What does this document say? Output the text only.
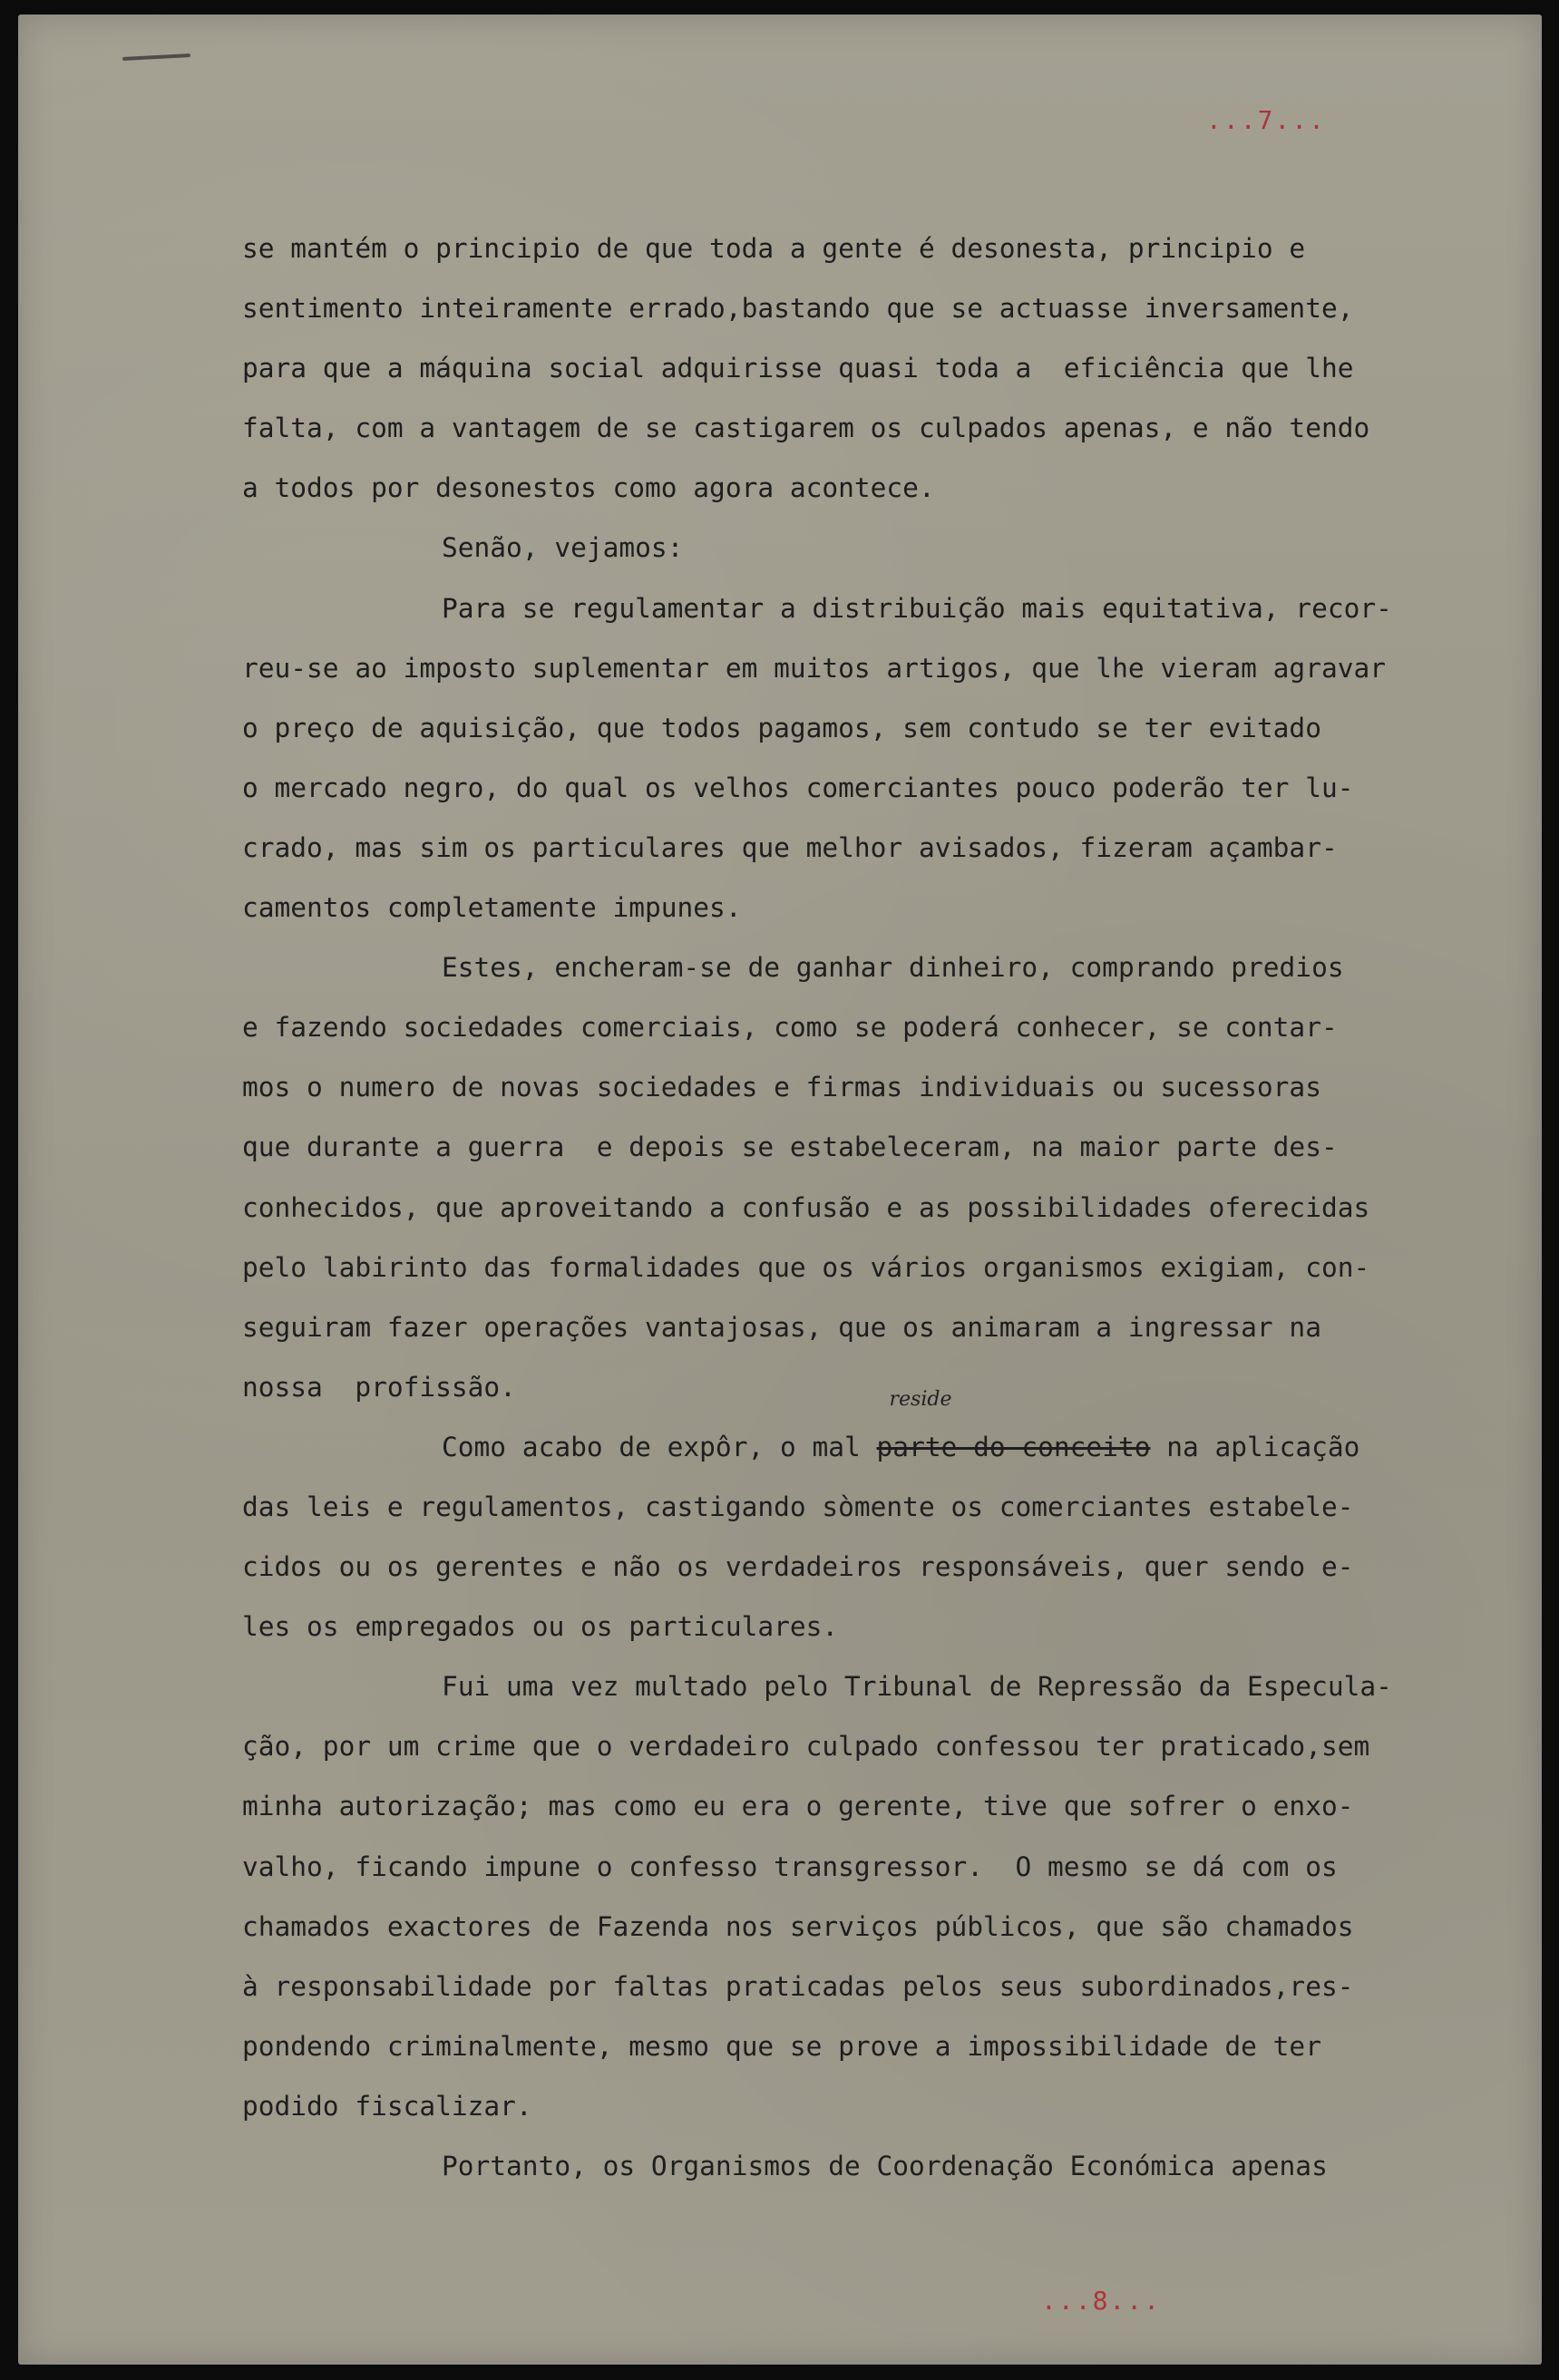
...7...
se mantém o principio de que toda a gente é desonesta, principio e
sentimento inteiramente errado,bastando que se actuasse inversamente,
para que a máquina social adquirisse quasi toda a  eficiência que lhe
falta, com a vantagem de se castigarem os culpados apenas, e não tendo
a todos por desonestos como agora acontece.
Senão, vejamos:
Para se regulamentar a distribuição mais equitativa, recor-
reu-se ao imposto suplementar em muitos artigos, que lhe vieram agravar
o preço de aquisição, que todos pagamos, sem contudo se ter evitado
o mercado negro, do qual os velhos comerciantes pouco poderão ter lu-
crado, mas sim os particulares que melhor avisados, fizeram açambar-
camentos completamente impunes.
Estes, encheram-se de ganhar dinheiro, comprando predios
e fazendo sociedades comerciais, como se poderá conhecer, se contar-
mos o numero de novas sociedades e firmas individuais ou sucessoras
que durante a guerra  e depois se estabeleceram, na maior parte des-
conhecidos, que aproveitando a confusão e as possibilidades oferecidas
pelo labirinto das formalidades que os vários organismos exigiam, con-
seguiram fazer operações vantajosas, que os animaram a ingressar na
nossa  profissão.
Como acabo de expôr, o mal parte do conceito
reside
na aplicação
das leis e regulamentos, castigando sòmente os comerciantes estabele-
cidos ou os gerentes e não os verdadeiros responsáveis, quer sendo e-
les os empregados ou os particulares.
Fui uma vez multado pelo Tribunal de Repressão da Especula-
ção, por um crime que o verdadeiro culpado confessou ter praticado,sem
minha autorização; mas como eu era o gerente, tive que sofrer o enxo-
valho, ficando impune o confesso transgressor.  O mesmo se dá com os
chamados exactores de Fazenda nos serviços públicos, que são chamados
à responsabilidade por faltas praticadas pelos seus subordinados,res-
pondendo criminalmente, mesmo que se prove a impossibilidade de ter
podido fiscalizar.
Portanto, os Organismos de Coordenação Económica apenas
...8...
